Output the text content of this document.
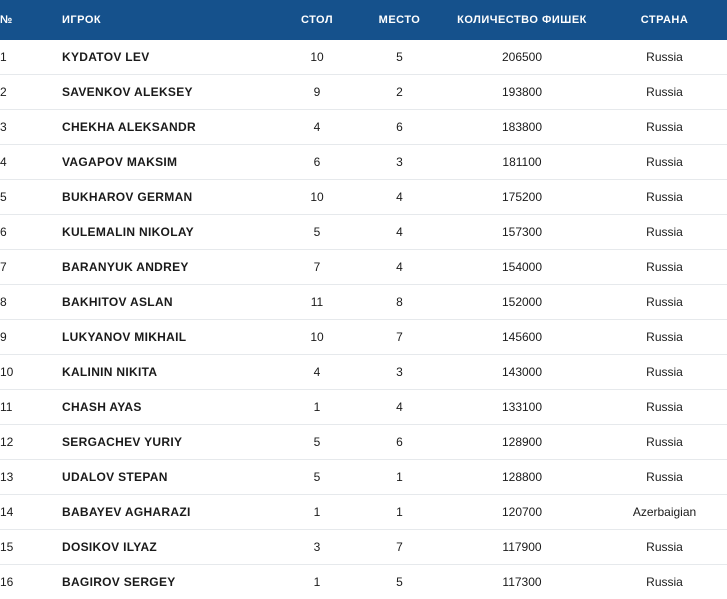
№	ИГРОК	СТОЛ	МЕСТО	КОЛИЧЕСТВО ФИШЕК	СТРАНА
1	KYDATOV LEV	10	5	206500	Russia
2	SAVENKOV ALEKSEY	9	2	193800	Russia
3	CHEKHA ALEKSANDR	4	6	183800	Russia
4	VAGAPOV MAKSIM	6	3	181100	Russia
5	BUKHAROV GERMAN	10	4	175200	Russia
6	KULEMALIN NIKOLAY	5	4	157300	Russia
7	BARANYUK ANDREY	7	4	154000	Russia
8	BAKHITOV ASLAN	11	8	152000	Russia
9	LUKYANOV MIKHAIL	10	7	145600	Russia
10	KALININ NIKITA	4	3	143000	Russia
11	CHASH AYAS	1	4	133100	Russia
12	SERGACHEV YURIY	5	6	128900	Russia
13	UDALOV STEPAN	5	1	128800	Russia
14	BABAYEV AGHARAZI	1	1	120700	Azerbaigian
15	DOSIKOV ILYAZ	3	7	117900	Russia
16	BAGIROV SERGEY	1	5	117300	Russia
